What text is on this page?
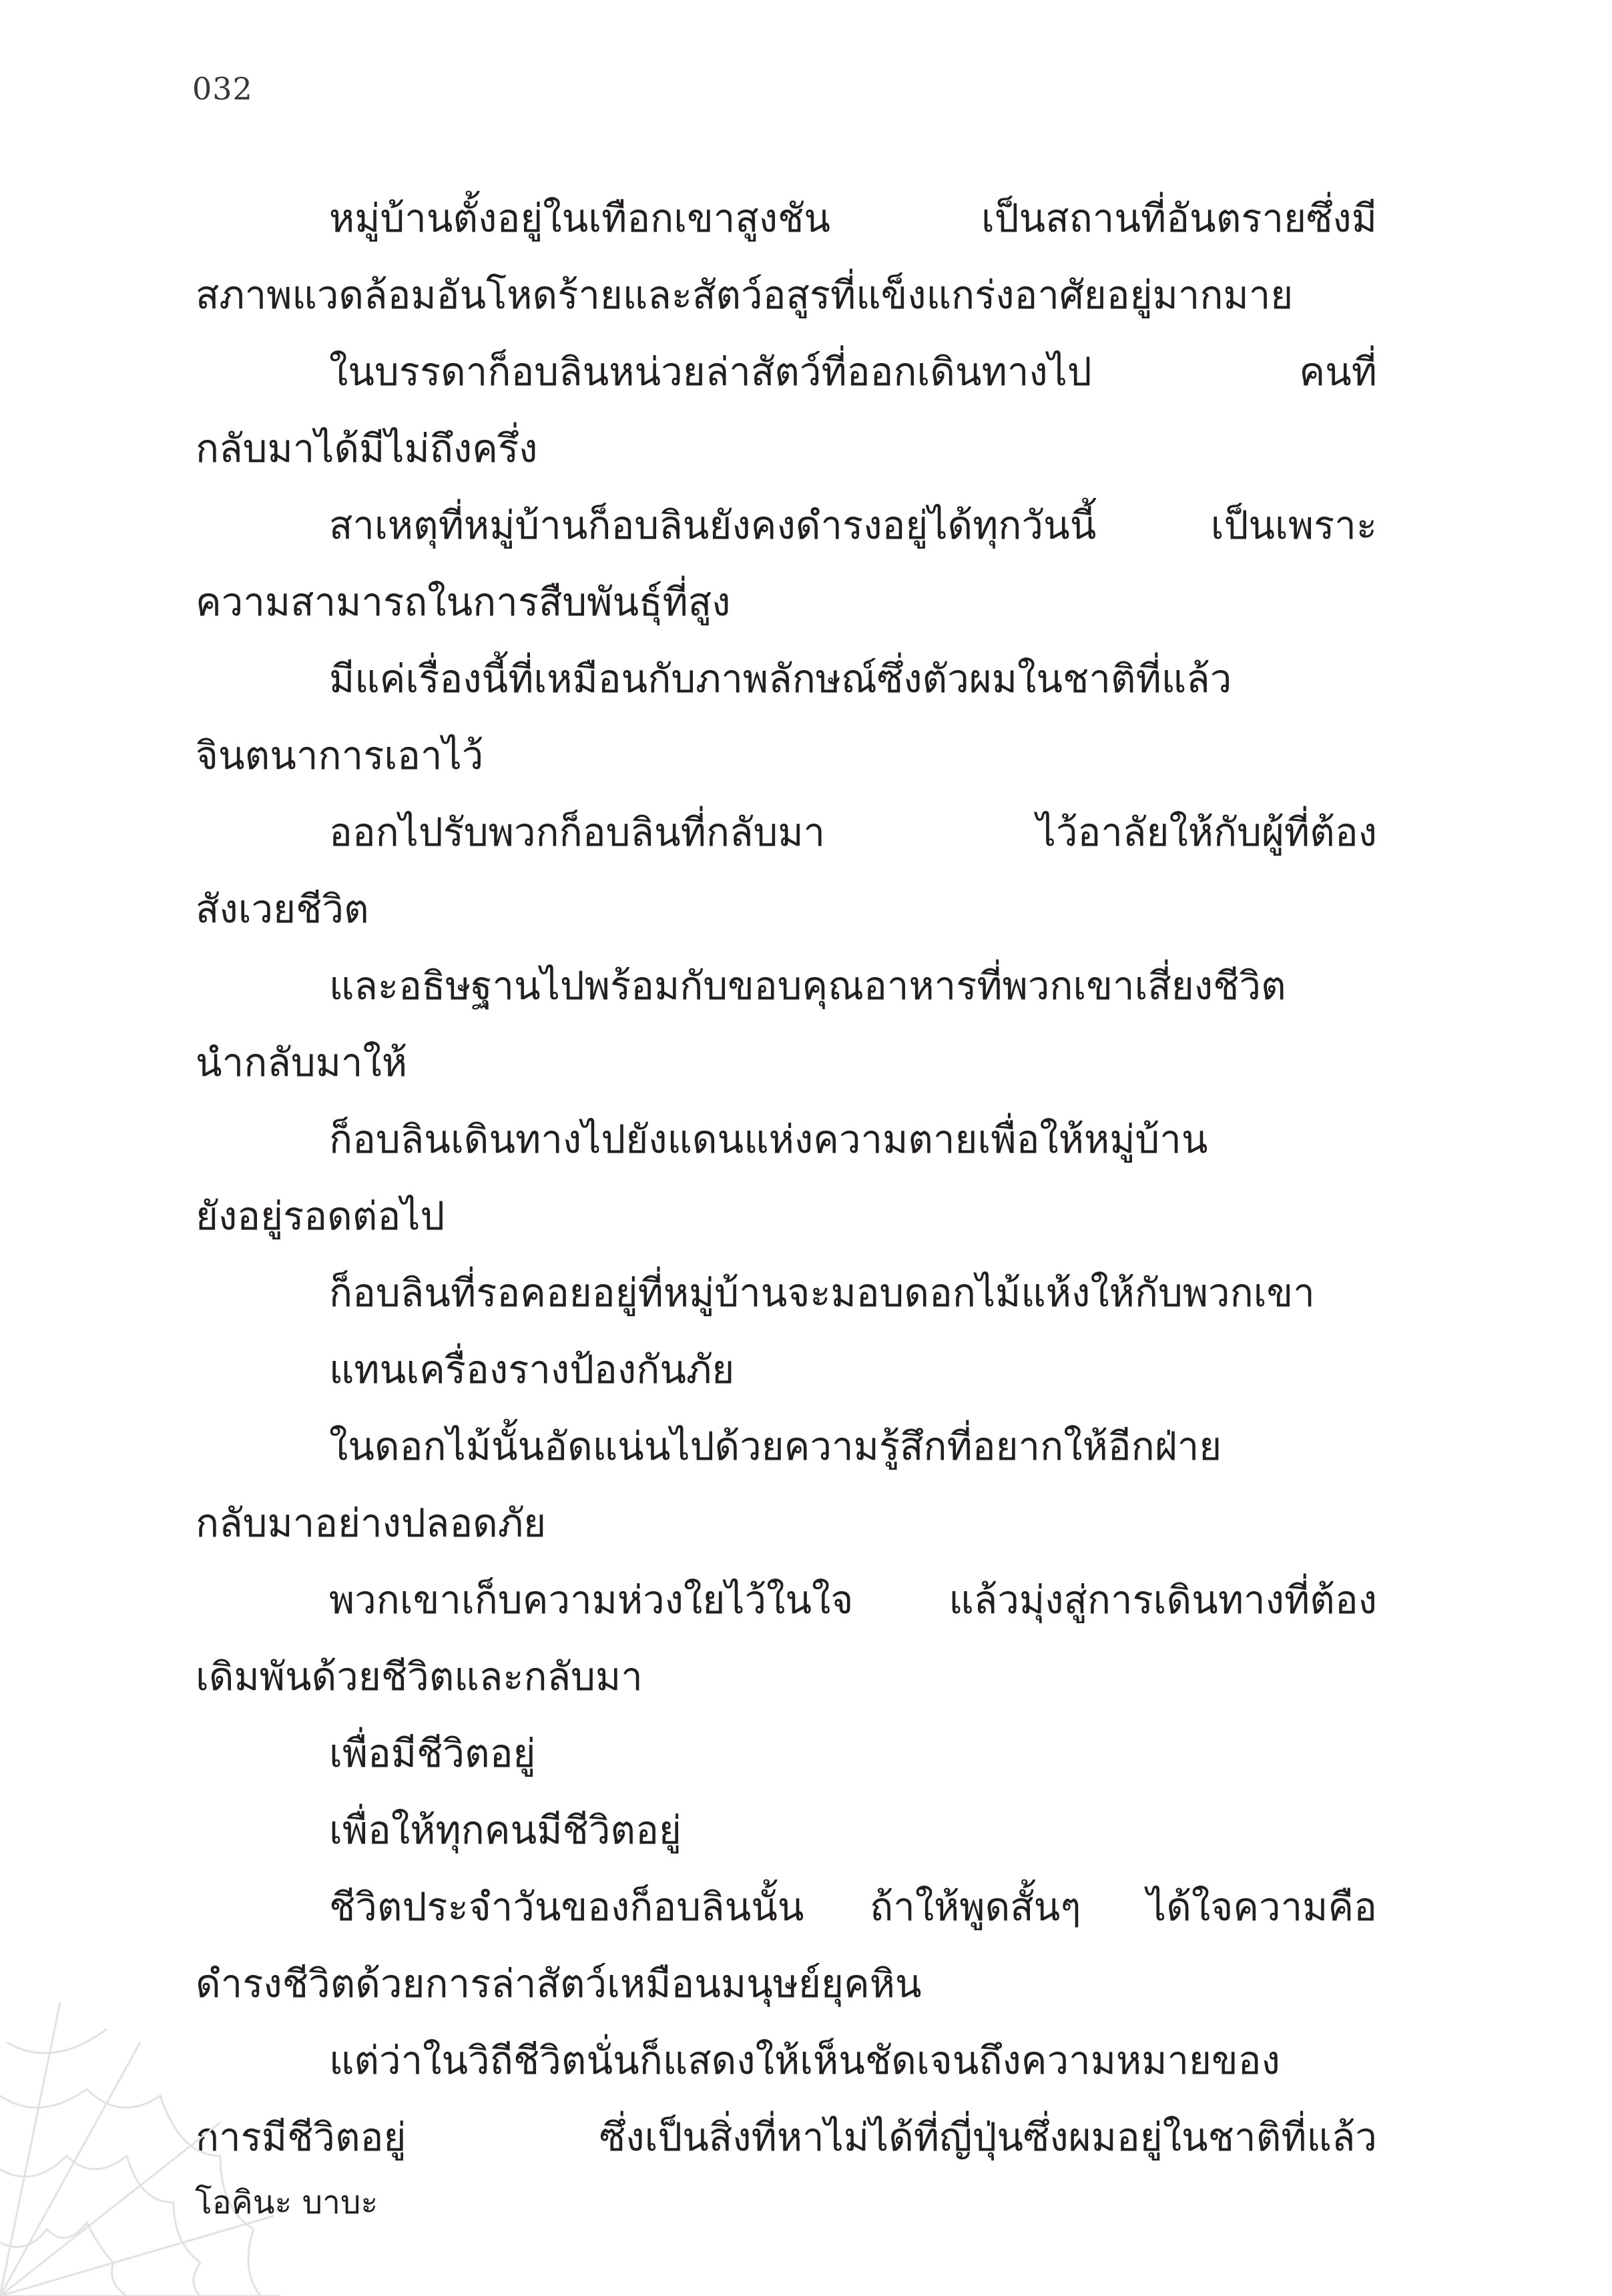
032
หมู่บ้านตั้งอยู่ในเทือกเขาสูงชัน เป็นสถานที่อันตรายซึ่งมี
สภาพแวดล้อมอันโหดร้ายและสัตว์อสูรที่แข็งแกร่งอาศัยอยู่มากมาย
ในบรรดาก็อบลินหน่วยล่าสัตว์ที่ออกเดินทางไป คนที่
กลับมาได้มีไม่ถึงครึ่ง
สาเหตุที่หมู่บ้านก็อบลินยังคงดำรงอยู่ได้ทุกวันนี้ เป็นเพราะ
ความสามารถในการสืบพันธุ์ที่สูง
มีแค่เรื่องนี้ที่เหมือนกับภาพลักษณ์ซึ่งตัวผมในชาติที่แล้ว
จินตนาการเอาไว้
ออกไปรับพวกก็อบลินที่กลับมา ไว้อาลัยให้กับผู้ที่ต้อง
สังเวยชีวิต
และอธิษฐานไปพร้อมกับขอบคุณอาหารที่พวกเขาเสี่ยงชีวิต
นำกลับมาให้
ก็อบลินเดินทางไปยังแดนแห่งความตายเพื่อให้หมู่บ้าน
ยังอยู่รอดต่อไป
ก็อบลินที่รอคอยอยู่ที่หมู่บ้านจะมอบดอกไม้แห้งให้กับพวกเขา
แทนเครื่องรางป้องกันภัย
ในดอกไม้นั้นอัดแน่นไปด้วยความรู้สึกที่อยากให้อีกฝ่าย
กลับมาอย่างปลอดภัย
พวกเขาเก็บความห่วงใยไว้ในใจ แล้วมุ่งสู่การเดินทางที่ต้อง
เดิมพันด้วยชีวิตและกลับมา
เพื่อมีชีวิตอยู่
เพื่อให้ทุกคนมีชีวิตอยู่
ชีวิตประจำวันของก็อบลินนั้น ถ้าให้พูดสั้นๆ ได้ใจความคือ
ดำรงชีวิตด้วยการล่าสัตว์เหมือนมนุษย์ยุคหิน
แต่ว่าในวิถีชีวิตนั่นก็แสดงให้เห็นชัดเจนถึงความหมายของ
การมีชีวิตอยู่ ซึ่งเป็นสิ่งที่หาไม่ได้ที่ญี่ปุ่นซึ่งผมอยู่ในชาติที่แล้ว
โอคินะ บาบะ
